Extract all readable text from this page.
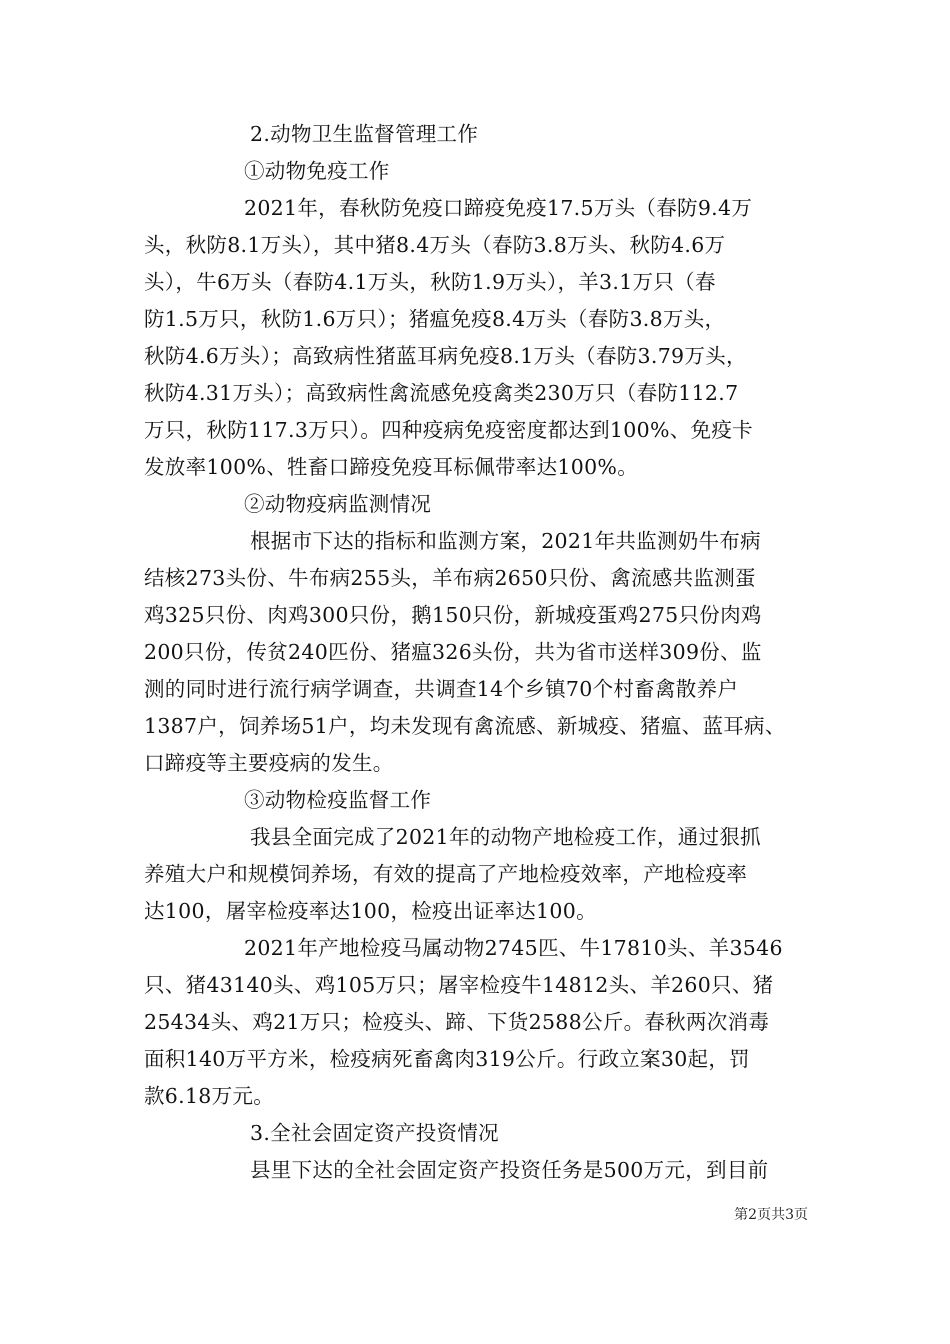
2.动物卫生监督管理工作
①动物免疫工作
2021年，春秋防免疫口蹄疫免疫17.5万头（春防9.4万
头，秋防8.1万头），其中猪8.4万头（春防3.8万头、秋防4.6万
头），牛6万头（春防4.1万头，秋防1.9万头），羊3.1万只（春
防1.5万只，秋防1.6万只）；猪瘟免疫8.4万头（春防3.8万头，
秋防4.6万头）；高致病性猪蓝耳病免疫8.1万头（春防3.79万头，
秋防4.31万头）；高致病性禽流感免疫禽类230万只（春防112.7
万只，秋防117.3万只）。四种疫病免疫密度都达到100%、免疫卡
发放率100%、牲畜口蹄疫免疫耳标佩带率达100%。
②动物疫病监测情况
根据市下达的指标和监测方案，2021年共监测奶牛布病
结核273头份、牛布病255头，羊布病2650只份、禽流感共监测蛋
鸡325只份、肉鸡300只份，鹅150只份，新城疫蛋鸡275只份肉鸡
200只份，传贫240匹份、猪瘟326头份，共为省市送样309份、监
测的同时进行流行病学调查，共调查14个乡镇70个村畜禽散养户
1387户，饲养场51户，均未发现有禽流感、新城疫、猪瘟、蓝耳病、
口蹄疫等主要疫病的发生。
③动物检疫监督工作
我县全面完成了2021年的动物产地检疫工作，通过狠抓
养殖大户和规模饲养场，有效的提高了产地检疫效率，产地检疫率
达100，屠宰检疫率达100，检疫出证率达100。
2021年产地检疫马属动物2745匹、牛17810头、羊3546
只、猪43140头、鸡105万只；屠宰检疫牛14812头、羊260只、猪
25434头、鸡21万只；检疫头、蹄、下货2588公斤。春秋两次消毒
面积140万平方米，检疫病死畜禽肉319公斤。行政立案30起，罚
款6.18万元。
3.全社会固定资产投资情况
县里下达的全社会固定资产投资任务是500万元，到目前
第2页共3页
